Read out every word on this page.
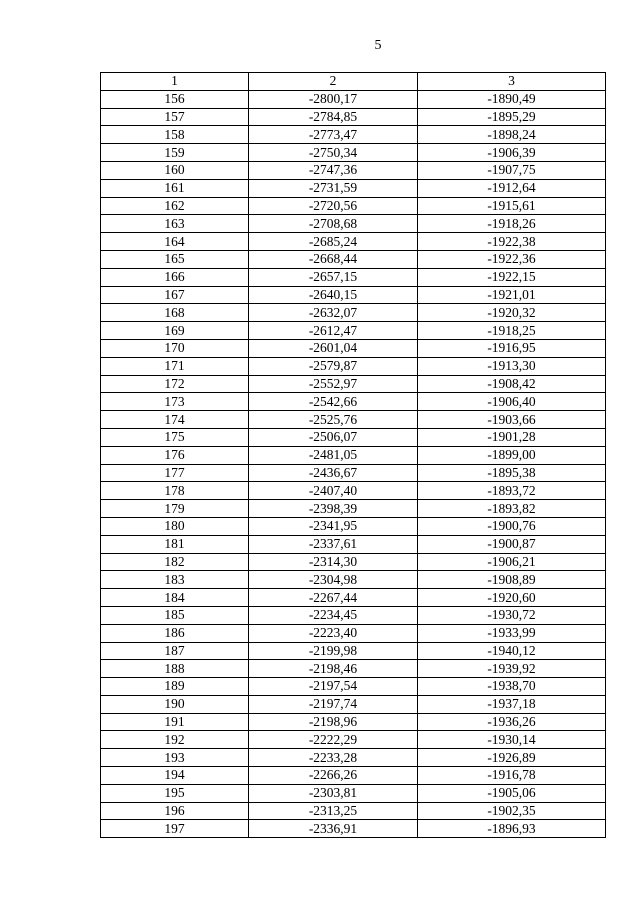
5
1	2	3
156	-2800,17	-1890,49
157	-2784,85	-1895,29
158	-2773,47	-1898,24
159	-2750,34	-1906,39
160	-2747,36	-1907,75
161	-2731,59	-1912,64
162	-2720,56	-1915,61
163	-2708,68	-1918,26
164	-2685,24	-1922,38
165	-2668,44	-1922,36
166	-2657,15	-1922,15
167	-2640,15	-1921,01
168	-2632,07	-1920,32
169	-2612,47	-1918,25
170	-2601,04	-1916,95
171	-2579,87	-1913,30
172	-2552,97	-1908,42
173	-2542,66	-1906,40
174	-2525,76	-1903,66
175	-2506,07	-1901,28
176	-2481,05	-1899,00
177	-2436,67	-1895,38
178	-2407,40	-1893,72
179	-2398,39	-1893,82
180	-2341,95	-1900,76
181	-2337,61	-1900,87
182	-2314,30	-1906,21
183	-2304,98	-1908,89
184	-2267,44	-1920,60
185	-2234,45	-1930,72
186	-2223,40	-1933,99
187	-2199,98	-1940,12
188	-2198,46	-1939,92
189	-2197,54	-1938,70
190	-2197,74	-1937,18
191	-2198,96	-1936,26
192	-2222,29	-1930,14
193	-2233,28	-1926,89
194	-2266,26	-1916,78
195	-2303,81	-1905,06
196	-2313,25	-1902,35
197	-2336,91	-1896,93
